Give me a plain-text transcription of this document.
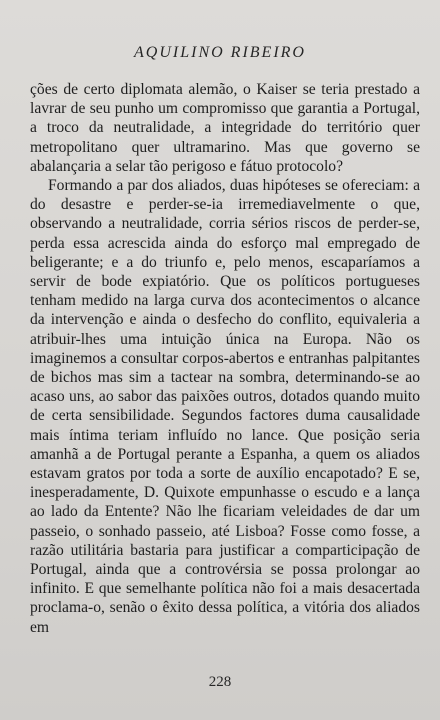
AQUILINO RIBEIRO

ções de certo diplomata alemão, o Kaiser se teria prestado a lavrar de seu punho um compromisso que garantia a Portugal, a troco da neutralidade, a integridade do território quer metropolitano quer ultramarino. Mas que governo se abalançaria a selar tão perigoso e fátuo protocolo?

Formando a par dos aliados, duas hipóteses se ofereciam: a do desastre e perder-se-ia irremediavelmente o que, observando a neutralidade, corria sérios riscos de perder-se, perda essa acrescida ainda do esforço mal empregado de beligerante; e a do triunfo e, pelo menos, escaparíamos a servir de bode expiatório. Que os políticos portugueses tenham medido na larga curva dos acontecimentos o alcance da intervenção e ainda o desfecho do conflito, equivaleria a atribuir-lhes uma intuição única na Europa. Não os imaginemos a consultar corpos-abertos e entranhas palpitantes de bichos mas sim a tactear na sombra, determinando-se ao acaso uns, ao sabor das paixões outros, dotados quando muito de certa sensibilidade. Segundos factores duma causalidade mais íntima teriam influído no lance. Que posição seria amanhã a de Portugal perante a Espanha, a quem os aliados estavam gratos por toda a sorte de auxílio encapotado? E se, inesperadamente, D. Quixote empunhasse o escudo e a lança ao lado da Entente? Não lhe ficariam veleidades de dar um passeio, o sonhado passeio, até Lisboa? Fosse como fosse, a razão utilitária bastaria para justificar a comparticipação de Portugal, ainda que a controvérsia se possa prolongar ao infinito. E que semelhante política não foi a mais desacertada proclama-o, senão o êxito dessa política, a vitória dos aliados em

228
